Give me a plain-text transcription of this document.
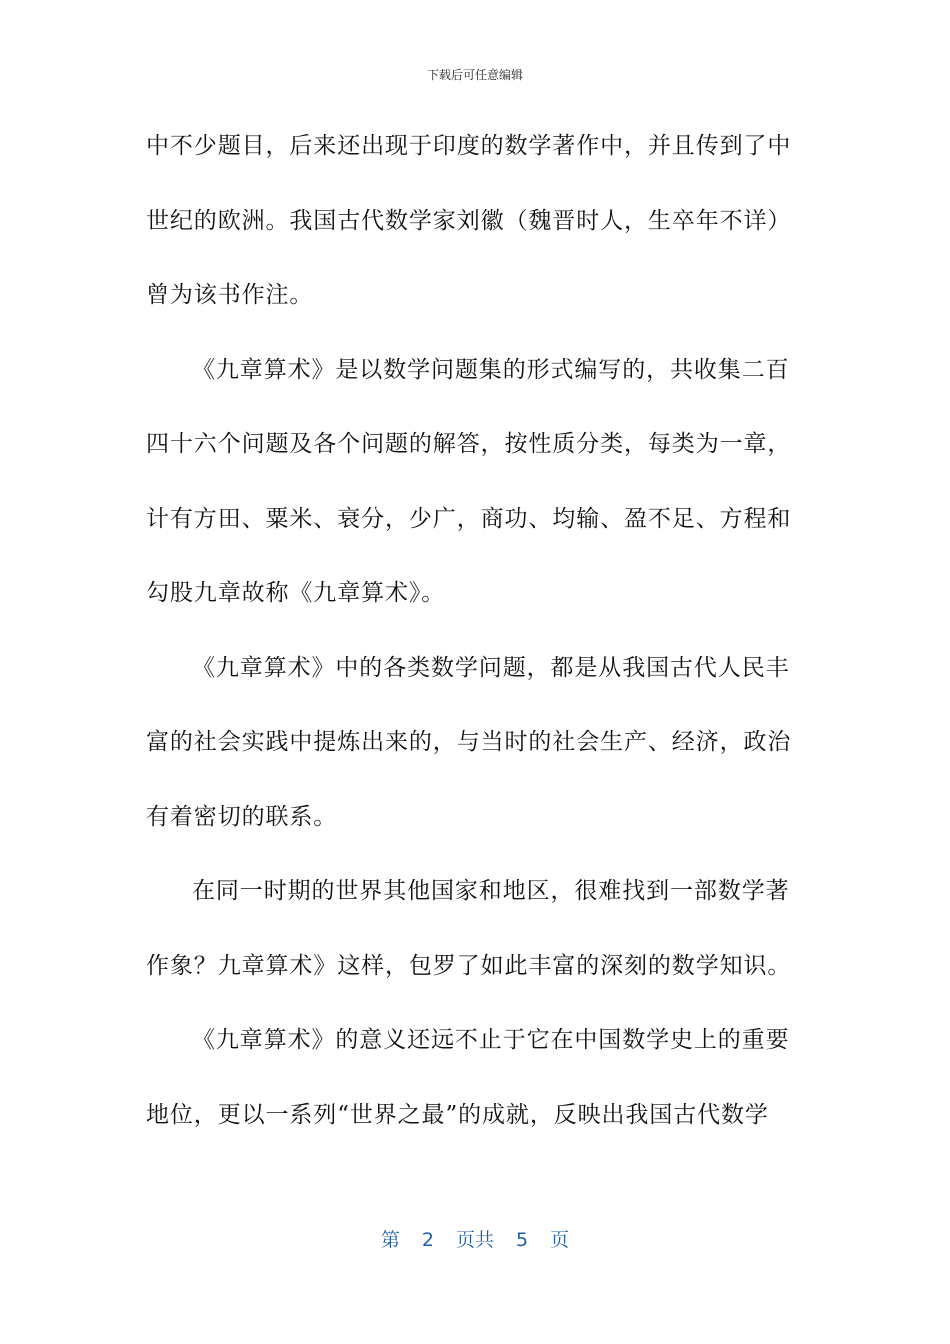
下载后可任意编辑
中不少题目，后来还出现于印度的数学著作中，并且传到了中
世纪的欧洲。我国古代数学家刘徽（魏晋时人，生卒年不详）
曾为该书作注。
《九章算术》是以数学问题集的形式编写的，共收集二百
四十六个问题及各个问题的解答，按性质分类，每类为一章，
计有方田、粟米、衰分，少广，商功、均输、盈不足、方程和
勾股九章故称《九章算术》。
《九章算术》中的各类数学问题，都是从我国古代人民丰
富的社会实践中提炼出来的，与当时的社会生产、经济，政治
有着密切的联系。
在同一时期的世界其他国家和地区，很难找到一部数学著
作象？九章算术》这样，包罗了如此丰富的深刻的数学知识。
《九章算术》的意义还远不止于它在中国数学史上的重要
地位，更以一系列“世界之最”的成就，反映出我国古代数学
第 2 页共 5 页
